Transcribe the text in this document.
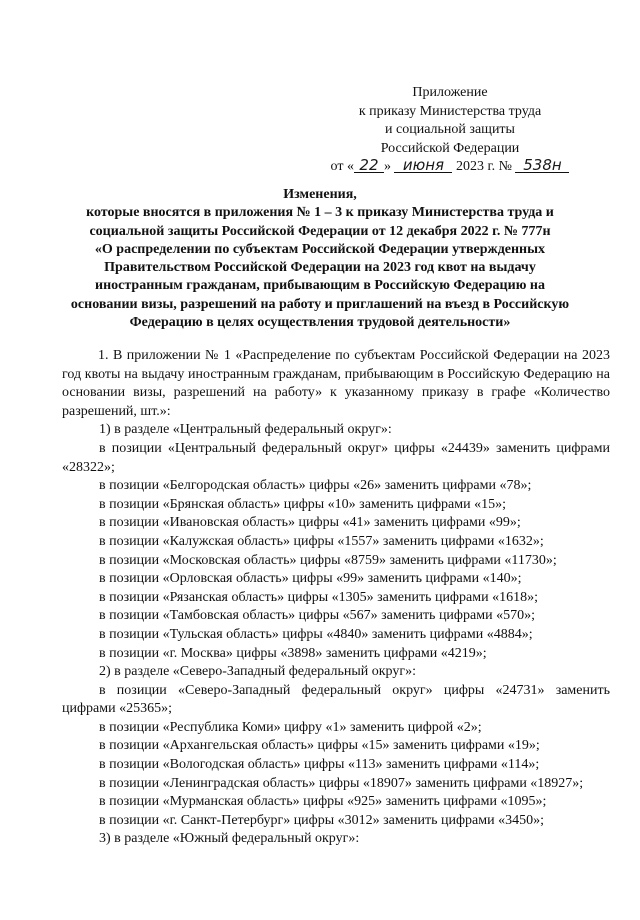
Приложение
к приказу Министерства труда
и социальной защиты
Российской Федерации
от « 22 » июня 2023 г. № 538н
Изменения,
которые вносятся в приложения № 1 – 3 к приказу Министерства труда и
социальной защиты Российской Федерации от 12 декабря 2022 г. № 777н
«О распределении по субъектам Российской Федерации утвержденных
Правительством Российской Федерации на 2023 год квот на выдачу
иностранным гражданам, прибывающим в Российскую Федерацию на
основании визы, разрешений на работу и приглашений на въезд в Российскую
Федерацию в целях осуществления трудовой деятельности»
1. В приложении № 1 «Распределение по субъектам Российской Федерации на 2023 год квоты на выдачу иностранным гражданам, прибывающим в Российскую Федерацию на основании визы, разрешений на работу» к указанному приказу в графе «Количество разрешений, шт.»:
1) в разделе «Центральный федеральный округ»:
в позиции «Центральный федеральный округ» цифры «24439» заменить цифрами «28322»;
в позиции «Белгородская область» цифры «26» заменить цифрами «78»;
в позиции «Брянская область» цифры «10» заменить цифрами «15»;
в позиции «Ивановская область» цифры «41» заменить цифрами «99»;
в позиции «Калужская область» цифры «1557» заменить цифрами «1632»;
в позиции «Московская область» цифры «8759» заменить цифрами «11730»;
в позиции «Орловская область» цифры «99» заменить цифрами «140»;
в позиции «Рязанская область» цифры «1305» заменить цифрами «1618»;
в позиции «Тамбовская область» цифры «567» заменить цифрами «570»;
в позиции «Тульская область» цифры «4840» заменить цифрами «4884»;
в позиции «г. Москва» цифры «3898» заменить цифрами «4219»;
2) в разделе «Северо-Западный федеральный округ»:
в позиции «Северо-Западный федеральный округ» цифры «24731» заменить цифрами «25365»;
в позиции «Республика Коми» цифру «1» заменить цифрой «2»;
в позиции «Архангельская область» цифры «15» заменить цифрами «19»;
в позиции «Вологодская область» цифры «113» заменить цифрами «114»;
в позиции «Ленинградская область» цифры «18907» заменить цифрами «18927»;
в позиции «Мурманская область» цифры «925» заменить цифрами «1095»;
в позиции «г. Санкт-Петербург» цифры «3012» заменить цифрами «3450»;
3) в разделе «Южный федеральный округ»:
